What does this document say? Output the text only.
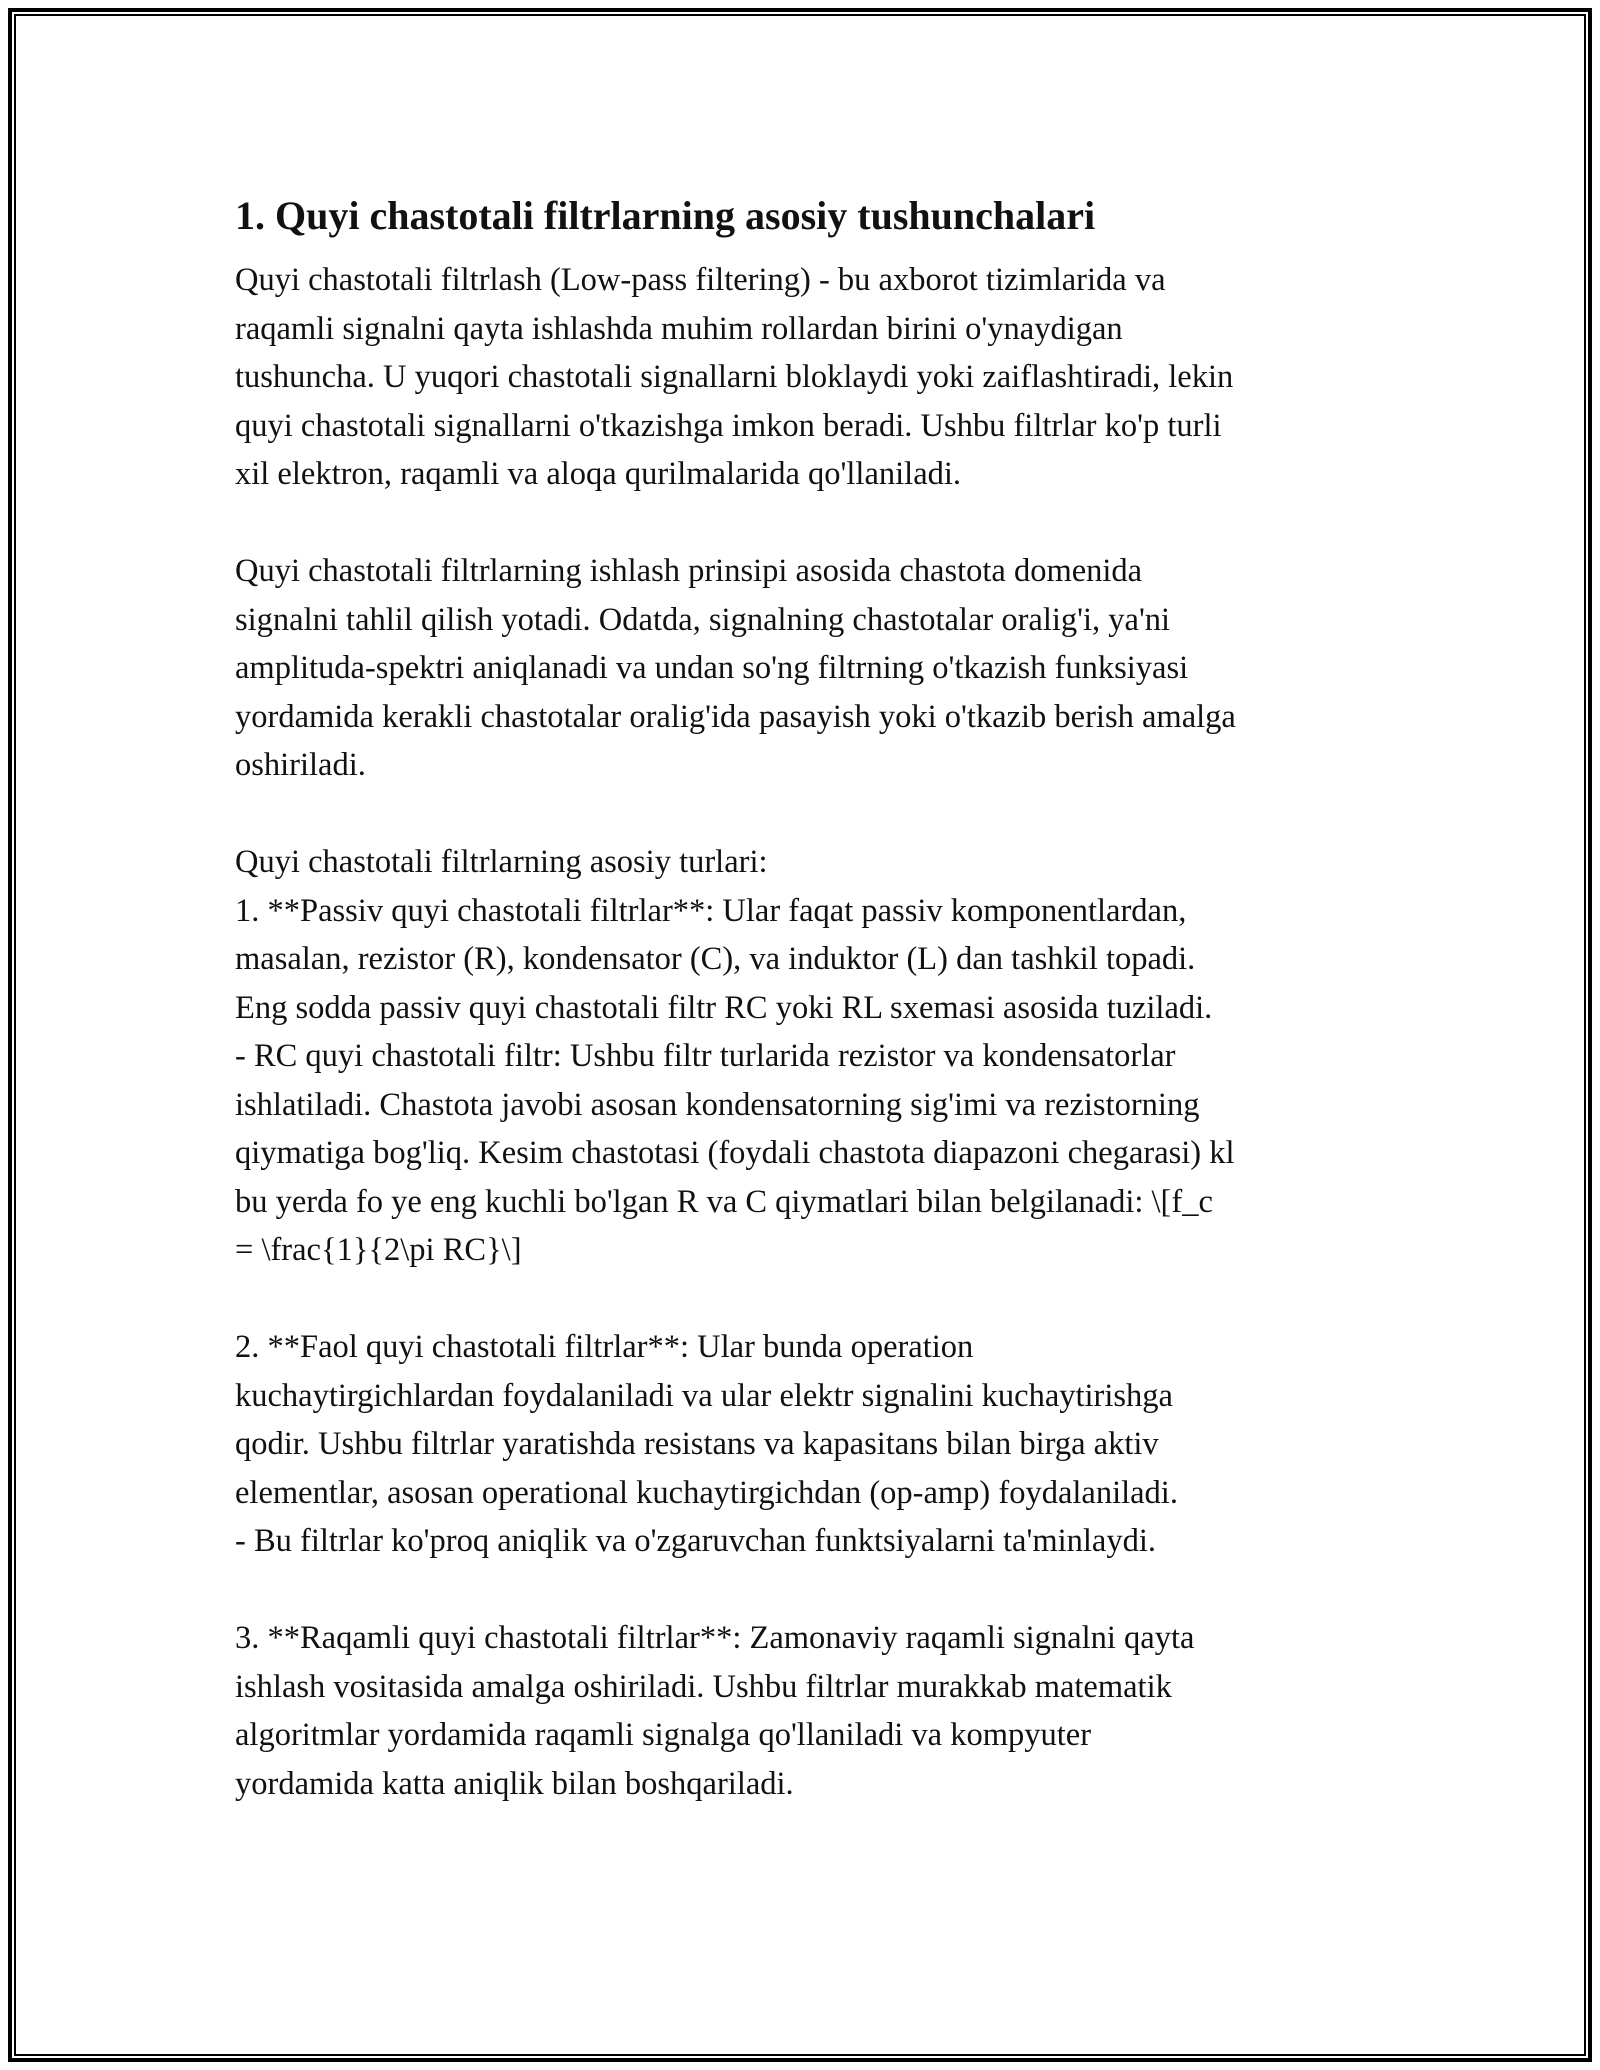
1. Quyi chastotali filtrlarning asosiy tushunchalari

Quyi chastotali filtrlash (Low-pass filtering) - bu axborot tizimlarida va
raqamli signalni qayta ishlashda muhim rollardan birini o'ynaydigan
tushuncha. U yuqori chastotali signallarni bloklaydi yoki zaiflashtiradi, lekin
quyi chastotali signallarni o'tkazishga imkon beradi. Ushbu filtrlar ko'p turli
xil elektron, raqamli va aloqa qurilmalarida qo'llaniladi.

Quyi chastotali filtrlarning ishlash prinsipi asosida chastota domenida
signalni tahlil qilish yotadi. Odatda, signalning chastotalar oralig'i, ya'ni
amplituda-spektri aniqlanadi va undan so'ng filtrning o'tkazish funksiyasi
yordamida kerakli chastotalar oralig'ida pasayish yoki o'tkazib berish amalga
oshiriladi.

Quyi chastotali filtrlarning asosiy turlari:
1. **Passiv quyi chastotali filtrlar**: Ular faqat passiv komponentlardan,
masalan, rezistor (R), kondensator (C), va induktor (L) dan tashkil topadi.
Eng sodda passiv quyi chastotali filtr RC yoki RL sxemasi asosida tuziladi.
- RC quyi chastotali filtr: Ushbu filtr turlarida rezistor va kondensatorlar
ishlatiladi. Chastota javobi asosan kondensatorning sig'imi va rezistorning
qiymatiga bog'liq. Kesim chastotasi (foydali chastota diapazoni chegarasi) kl
bu yerda fo ye eng kuchli bo'lgan R va C qiymatlari bilan belgilanadi: \[f_c
= \frac{1}{2\pi RC}\]

2. **Faol quyi chastotali filtrlar**: Ular bunda operation
kuchaytirgichlardan foydalaniladi va ular elektr signalini kuchaytirishga
qodir. Ushbu filtrlar yaratishda resistans va kapasitans bilan birga aktiv
elementlar, asosan operational kuchaytirgichdan (op-amp) foydalaniladi.
- Bu filtrlar ko'proq aniqlik va o'zgaruvchan funktsiyalarni ta'minlaydi.

3. **Raqamli quyi chastotali filtrlar**: Zamonaviy raqamli signalni qayta
ishlash vositasida amalga oshiriladi. Ushbu filtrlar murakkab matematik
algoritmlar yordamida raqamli signalga qo'llaniladi va kompyuter
yordamida katta aniqlik bilan boshqariladi.
